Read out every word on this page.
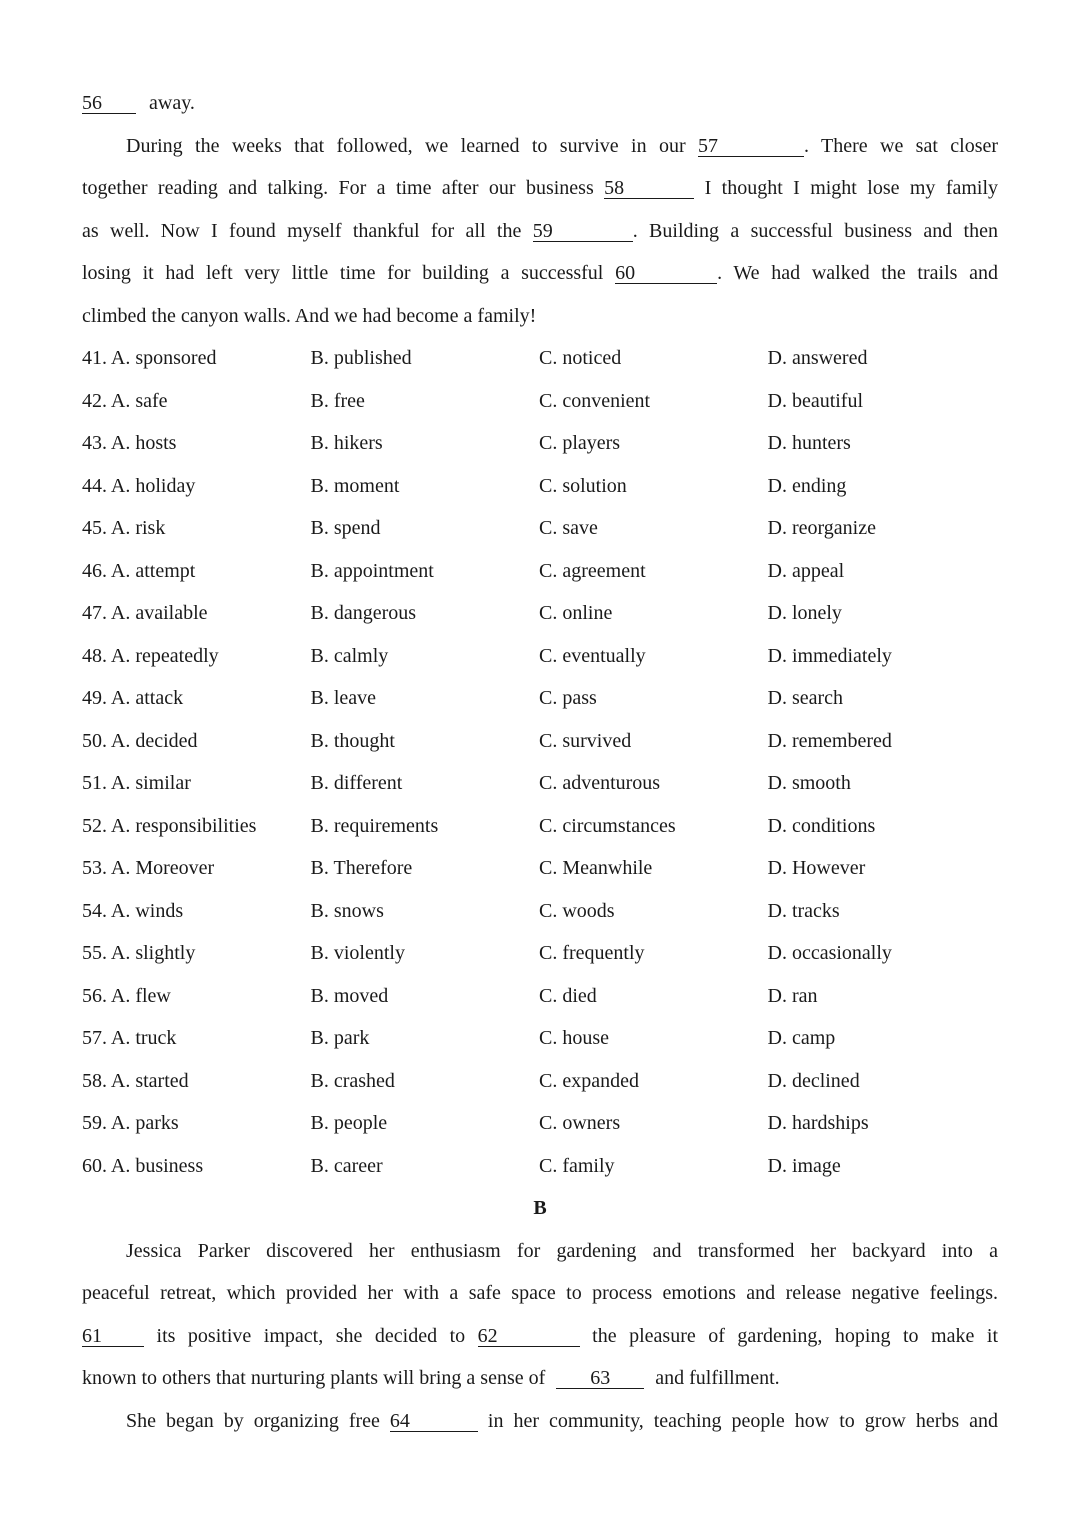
56 away.
During the weeks that followed, we learned to survive in our 57	. There we sat closer
together reading and talking. For a time after our business 58	I thought I might lose my family
as well. Now I found myself thankful for all the 59	. Building a successful business and then
losing it had left very little time for building a successful 60	. We had walked the trails and
climbed the canyon walls. And we had become a family!
41. A. sponsored	B. published	C. noticed	D. answered
42. A. safe	B. free	C. convenient	D. beautiful
43. A. hosts	B. hikers	C. players	D. hunters
44. A. holiday	B. moment	C. solution	D. ending
45. A. risk	B. spend	C. save	D. reorganize
46. A. attempt	B. appointment	C. agreement	D. appeal
47. A. available	B. dangerous	C. online	D. lonely
48. A. repeatedly	B. calmly	C. eventually	D. immediately
49. A. attack	B. leave	C. pass	D. search
50. A. decided	B. thought	C. survived	D. remembered
51. A. similar	B. different	C. adventurous	D. smooth
52. A. responsibilities	B. requirements	C. circumstances	D. conditions
53. A. Moreover	B. Therefore	C. Meanwhile	D. However
54. A. winds	B. snows	C. woods	D. tracks
55. A. slightly	B. violently	C. frequently	D. occasionally
56. A. flew	B. moved	C. died	D. ran
57. A. truck	B. park	C. house	D. camp
58. A. started	B. crashed	C. expanded	D. declined
59. A. parks	B. people	C. owners	D. hardships
60. A. business	B. career	C. family	D. image
B
Jessica Parker discovered her enthusiasm for gardening and transformed her backyard into a
peaceful retreat, which provided her with a safe space to process emotions and release negative feelings.
61	its positive impact, she decided to 62	the pleasure of gardening, hoping to make it
known to others that nurturing plants will bring a sense of 63 and fulfillment.
She began by organizing free 64	in her community, teaching people how to grow herbs and
